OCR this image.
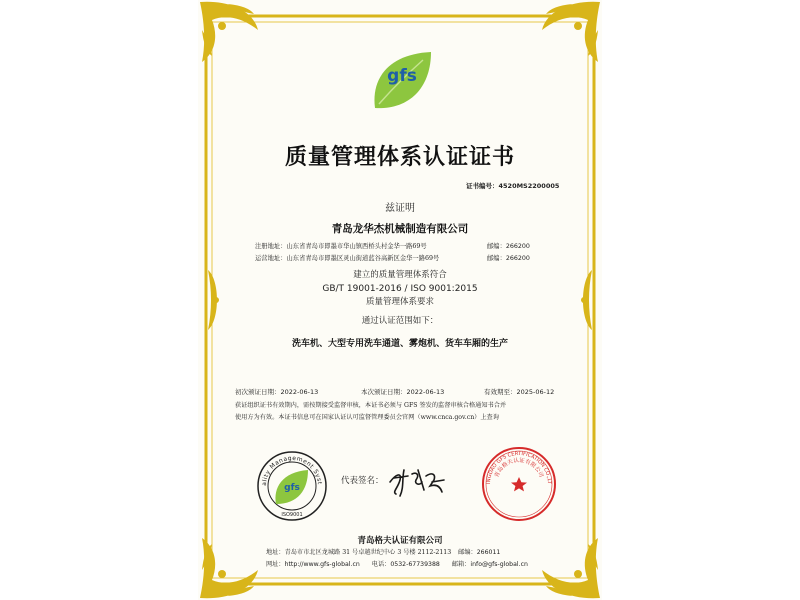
gfs
质量管理体系认证证书
证书编号：4520MS2200005
兹证明
青岛龙华杰机械制造有限公司
注册地址：山东省青岛市即墨市华山镇西桥头村金华一路69号	邮编：266200
运营地址：山东省青岛市即墨区灵山街道蓝谷高新区金华一路69号	邮编：266200
建立的质量管理体系符合
GB/T 19001-2016 / ISO 9001:2015
质量管理体系要求
通过认证范围如下：
洗车机、大型专用洗车通道、雾炮机、货车车厢的生产
初次颁证日期：2022-06-13	本次颁证日期：2022-06-13	有效期至：2025-06-12
获证组织证书有效期内，需按期接受监督审核，本证书必须与 GFS 签发的监督审核合格通知书合并
使用方为有效。本证书信息可在国家认证认可监督管理委员会官网（www.cnca.gov.cn）上查询
ality Management Syst
gfs
ISO9001
代表签名：	INGDAO GFS CERTIFICATION CO.,LT
青岛格夫认证有限公司
青岛格夫认证有限公司
地址：青岛市市北区龙城路 31 号卓越世纪中心 3 号楼 2112-2113 邮编：266011
网址：http://www.gfs-global.cn 电话：0532-67739388 邮箱：info@gfs-global.cn
